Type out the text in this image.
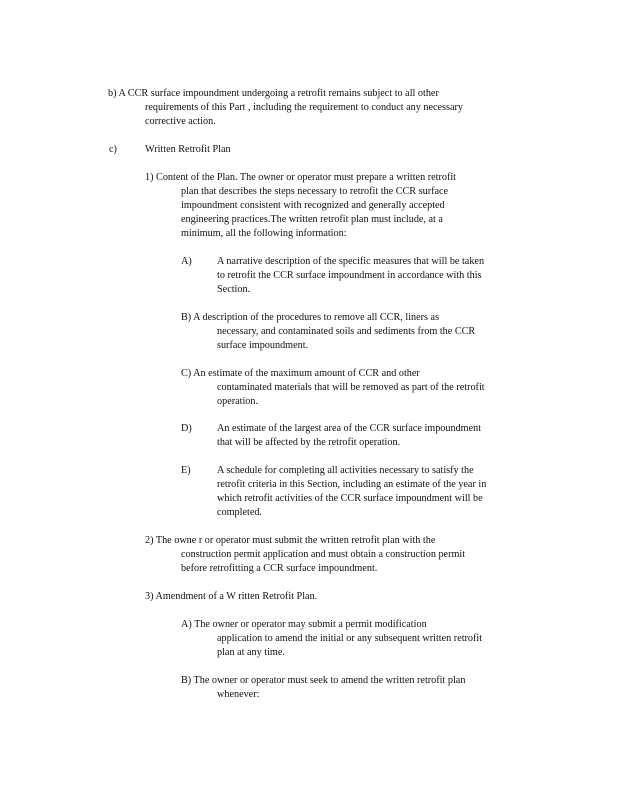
b) A CCR surface impoundment undergoing a retrofit remains subject to all other
requirements of this Part , including the requirement to conduct any necessary
corrective action.
c)	Written Retrofit Plan
1) Content of the Plan. The owner or operator must prepare a written retrofit
plan that describes the steps necessary to retrofit the CCR surface
impoundment consistent with recognized and generally accepted
engineering practices.The written retrofit plan must include, at a
minimum, all the following information:
A) A narrative description of the specific measures that will be taken
to retrofit the CCR surface impoundment in accordance with this
Section.
B) A description of the procedures to remove all CCR, liners as
necessary, and contaminated soils and sediments from the CCR
surface impoundment.
C) An estimate of the maximum amount of CCR and other
contaminated materials that will be removed as part of the retrofit
operation.
D) An estimate of the largest area of the CCR surface impoundment
that will be affected by the retrofit operation.
E)	A schedule for completing all activities necessary to satisfy the
retrofit criteria in this Section, including an estimate of the year in
which retrofit activities of the CCR surface impoundment will be
completed.
2) The owne r or operator must submit the written retrofit plan with the
construction permit application and must obtain a construction permit
before retrofitting a CCR surface impoundment.
3) Amendment of a W ritten Retrofit Plan.
A) The owner or operator may submit a permit modification
application to amend the initial or any subsequent written retrofit
plan at any time.
B) The owner or operator must seek to amend the written retrofit plan
whenever:
